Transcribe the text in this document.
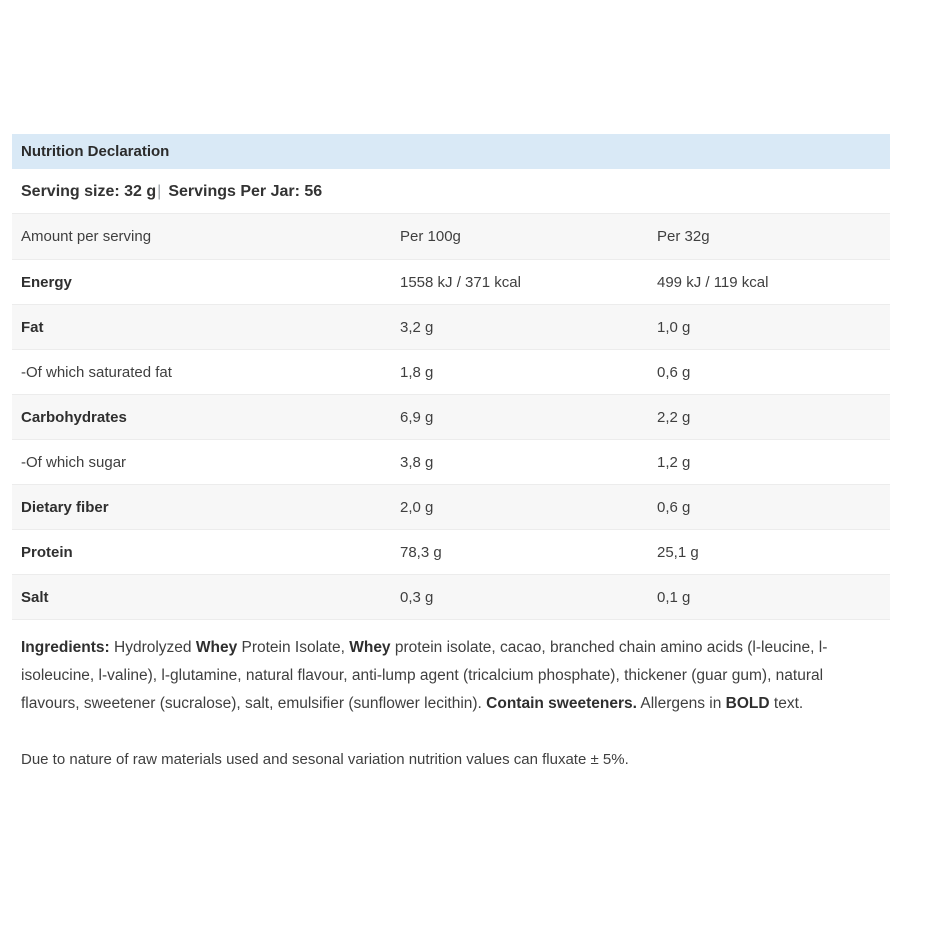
Nutrition Declaration
Serving size: 32 g| Servings Per Jar: 56
Amount per serving	Per 100g	Per 32g
Energy	1558 kJ / 371 kcal	499 kJ / 119 kcal
Fat	3,2 g	1,0 g
-Of which saturated fat	1,8 g	0,6 g
Carbohydrates	6,9 g	2,2 g
-Of which sugar	3,8 g	1,2 g
Dietary fiber	2,0 g	0,6 g
Protein	78,3 g	25,1 g
Salt	0,3 g	0,1 g

Ingredients: Hydrolyzed Whey Protein Isolate, Whey protein isolate, cacao, branched chain amino acids (l-leucine, l-isoleucine, l-valine), l-glutamine, natural flavour, anti-lump agent (tricalcium phosphate), thickener (guar gum), natural flavours, sweetener (sucralose), salt, emulsifier (sunflower lecithin). Contain sweeteners. Allergens in BOLD text.

Due to nature of raw materials used and sesonal variation nutrition values can fluxate ± 5%.
